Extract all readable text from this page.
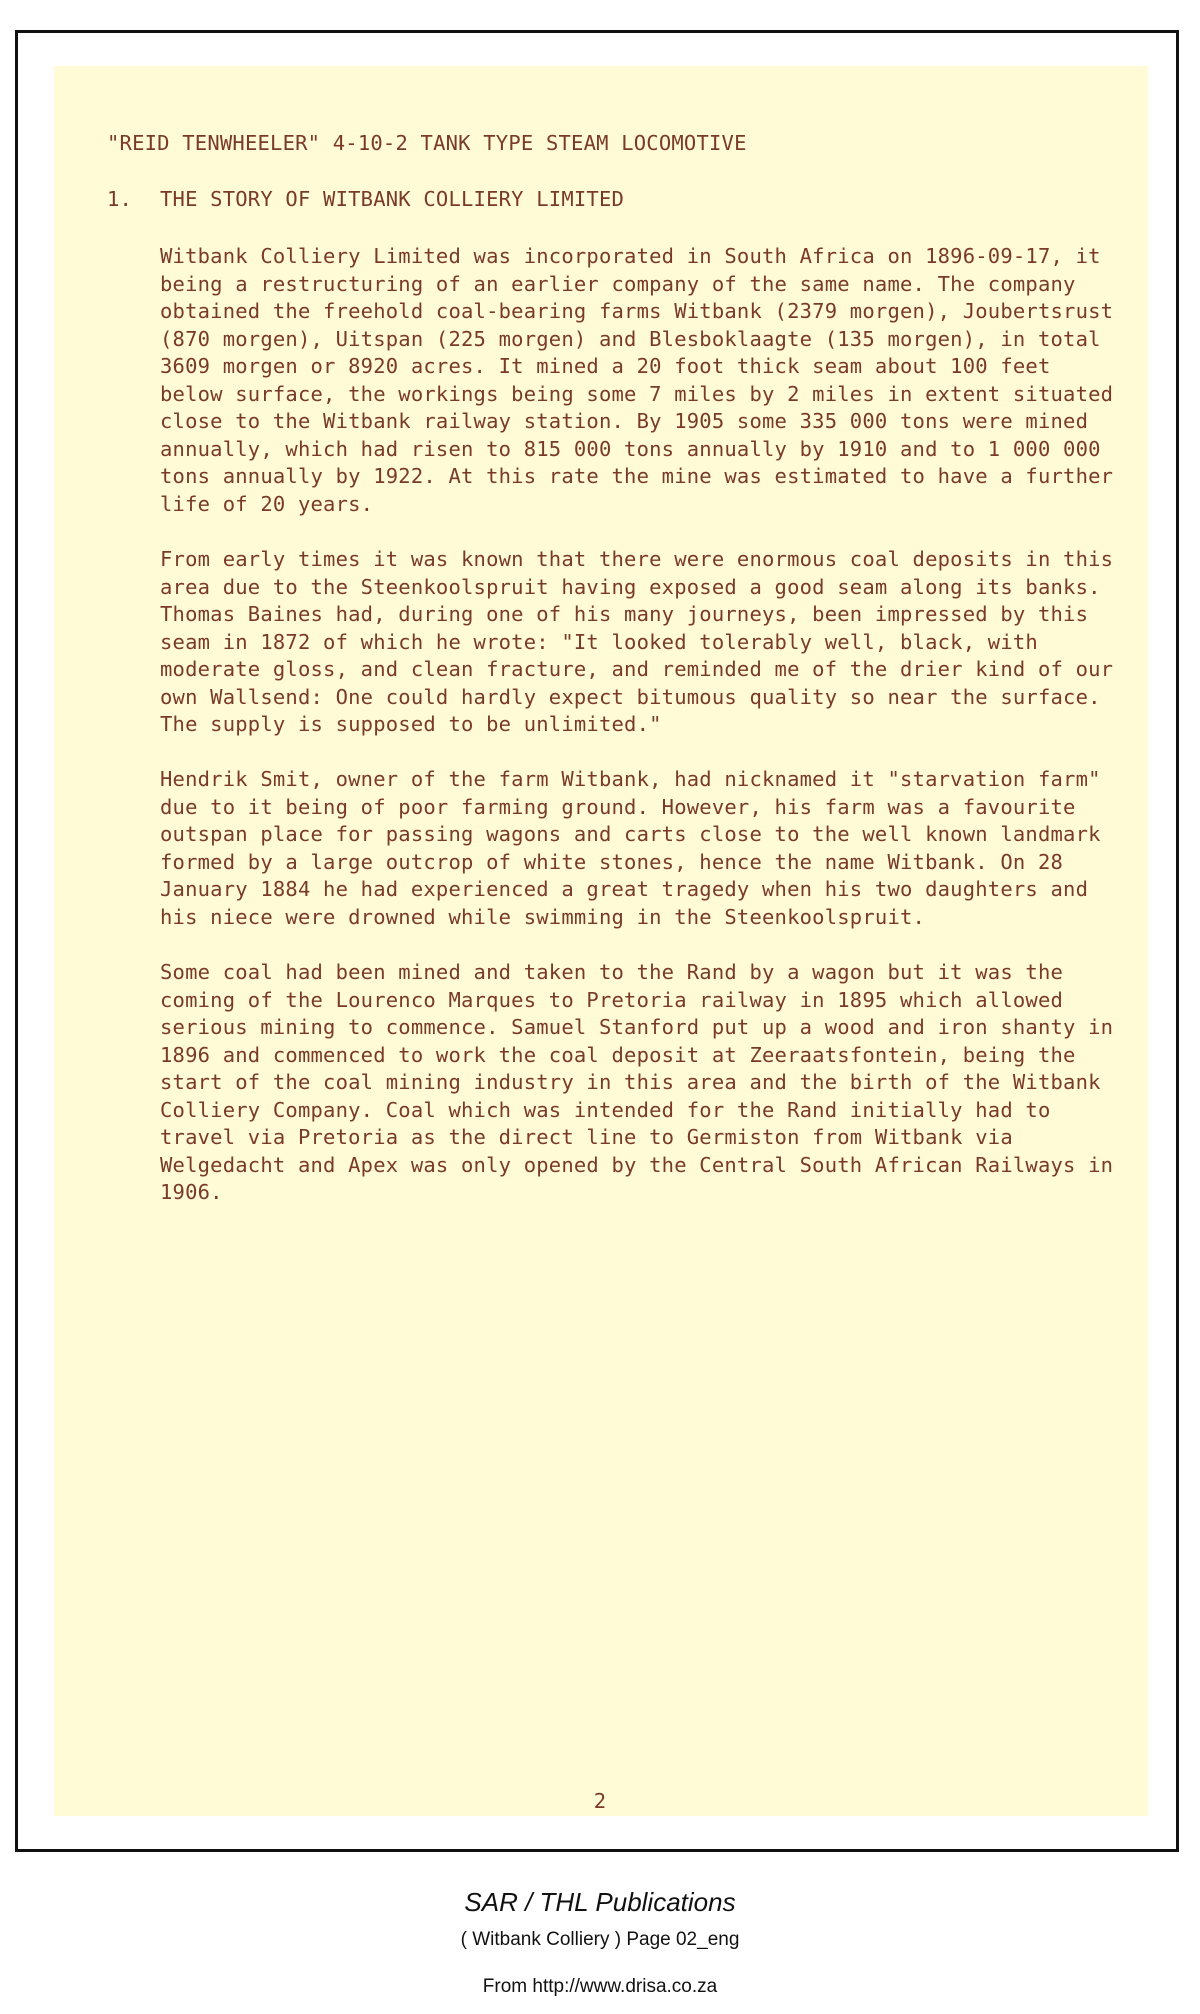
"REID TENWHEELER" 4-10-2 TANK TYPE STEAM LOCOMOTIVE

1. THE STORY OF WITBANK COLLIERY LIMITED

Witbank Colliery Limited was incorporated in South Africa on 1896-09-17, it
being a restructuring of an earlier company of the same name. The company
obtained the freehold coal-bearing farms Witbank (2379 morgen), Joubertsrust
(870 morgen), Uitspan (225 morgen) and Blesboklaagte (135 morgen), in total
3609 morgen or 8920 acres. It mined a 20 foot thick seam about 100 feet
below surface, the workings being some 7 miles by 2 miles in extent situated
close to the Witbank railway station. By 1905 some 335 000 tons were mined
annually, which had risen to 815 000 tons annually by 1910 and to 1 000 000
tons annually by 1922. At this rate the mine was estimated to have a further
life of 20 years.

From early times it was known that there were enormous coal deposits in this
area due to the Steenkoolspruit having exposed a good seam along its banks.
Thomas Baines had, during one of his many journeys, been impressed by this
seam in 1872 of which he wrote: "It looked tolerably well, black, with
moderate gloss, and clean fracture, and reminded me of the drier kind of our
own Wallsend: One could hardly expect bitumous quality so near the surface.
The supply is supposed to be unlimited."

Hendrik Smit, owner of the farm Witbank, had nicknamed it "starvation farm"
due to it being of poor farming ground. However, his farm was a favourite
outspan place for passing wagons and carts close to the well known landmark
formed by a large outcrop of white stones, hence the name Witbank. On 28
January 1884 he had experienced a great tragedy when his two daughters and
his niece were drowned while swimming in the Steenkoolspruit.

Some coal had been mined and taken to the Rand by a wagon but it was the
coming of the Lourenco Marques to Pretoria railway in 1895 which allowed
serious mining to commence. Samuel Stanford put up a wood and iron shanty in
1896 and commenced to work the coal deposit at Zeeraatsfontein, being the
start of the coal mining industry in this area and the birth of the Witbank
Colliery Company. Coal which was intended for the Rand initially had to
travel via Pretoria as the direct line to Germiston from Witbank via
Welgedacht and Apex was only opened by the Central South African Railways in
1906.

2

SAR / THL Publications

( Witbank Colliery ) Page 02_eng

From http://www.drisa.co.za
